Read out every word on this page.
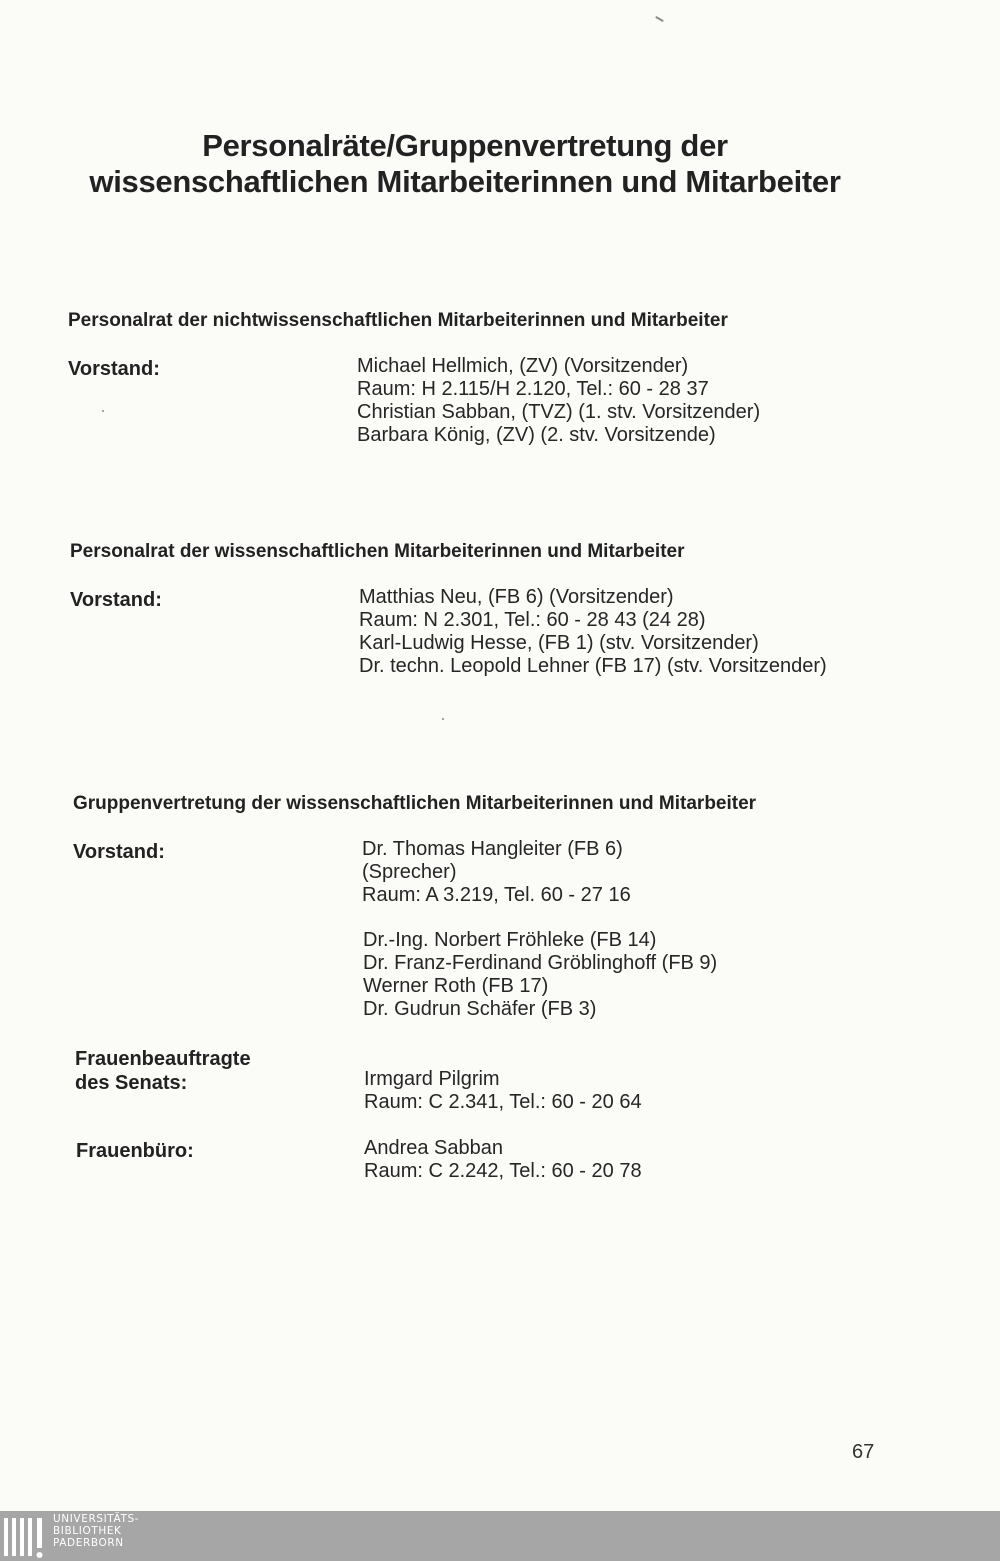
Personalräte/Gruppenvertretung der
wissenschaftlichen Mitarbeiterinnen und Mitarbeiter
Personalrat der nichtwissenschaftlichen Mitarbeiterinnen und Mitarbeiter
Vorstand:	Michael Hellmich, (ZV) (Vorsitzender)
Raum: H 2.115/H 2.120, Tel.: 60 - 28 37
Christian Sabban, (TVZ) (1. stv. Vorsitzender)
Barbara König, (ZV) (2. stv. Vorsitzende)
Personalrat der wissenschaftlichen Mitarbeiterinnen und Mitarbeiter
Vorstand:	Matthias Neu, (FB 6) (Vorsitzender)
Raum: N 2.301, Tel.: 60 - 28 43 (24 28)
Karl-Ludwig Hesse, (FB 1) (stv. Vorsitzender)
Dr. techn. Leopold Lehner (FB 17) (stv. Vorsitzender)
Gruppenvertretung der wissenschaftlichen Mitarbeiterinnen und Mitarbeiter
Vorstand:	Dr. Thomas Hangleiter (FB 6)
(Sprecher)
Raum: A 3.219, Tel. 60 - 27 16
Dr.-Ing. Norbert Fröhleke (FB 14)
Dr. Franz-Ferdinand Gröblinghoff (FB 9)
Werner Roth (FB 17)
Dr. Gudrun Schäfer (FB 3)
Frauenbeauftragte
des Senats:	Irmgard Pilgrim
Raum: C 2.341, Tel.: 60 - 20 64
Frauenbüro:	Andrea Sabban
Raum: C 2.242, Tel.: 60 - 20 78
67
UNIVERSITÄTS-
BIBLIOTHEK
PADERBORN
